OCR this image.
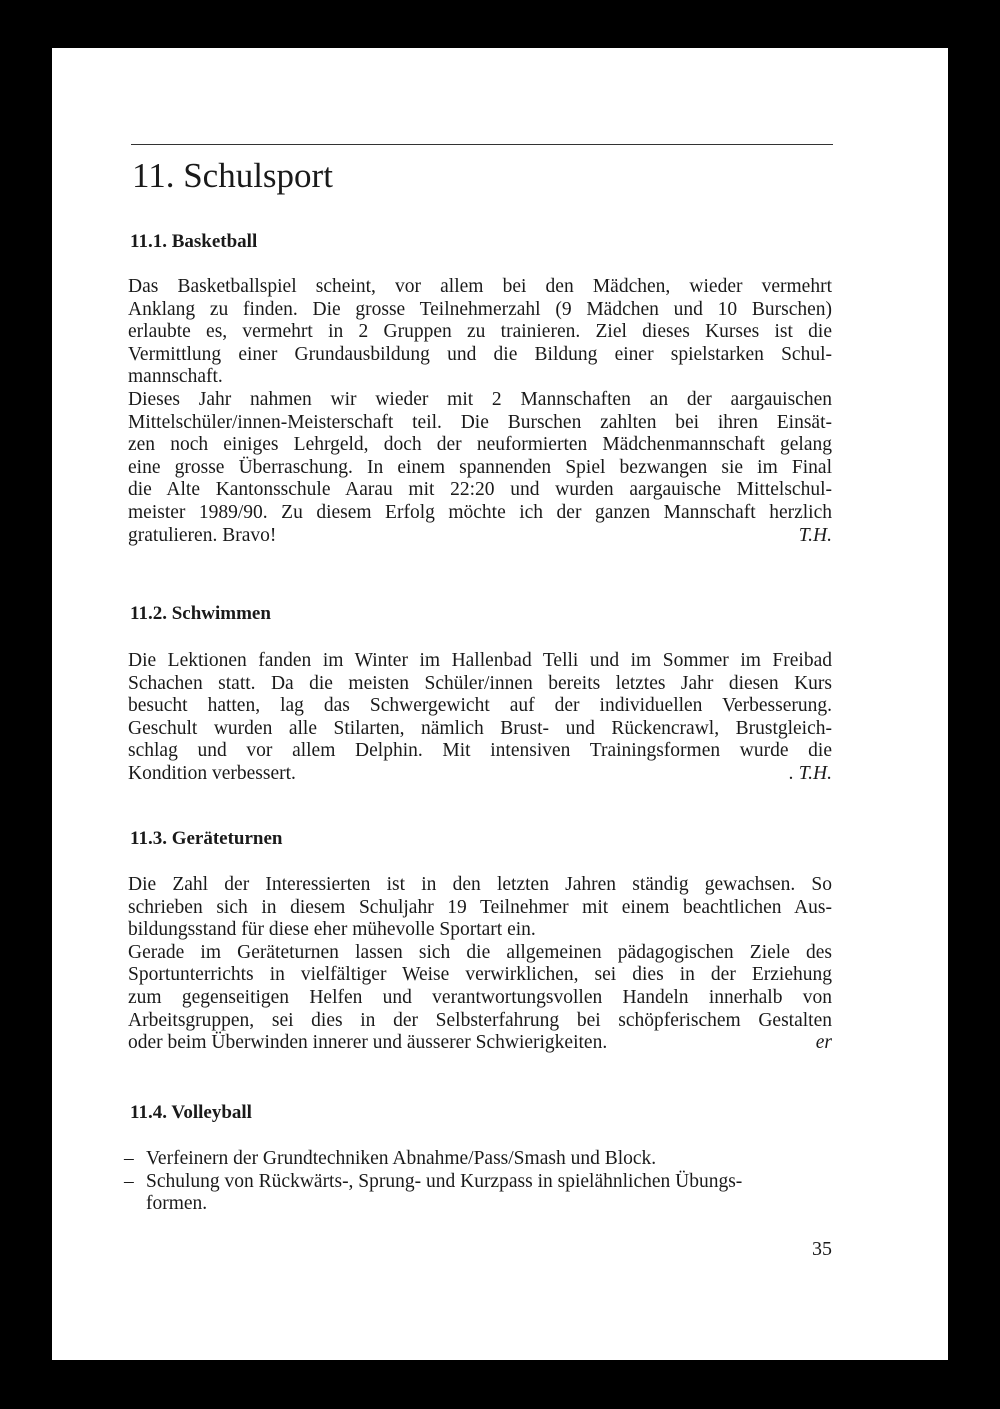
11. Schulsport
11.1. Basketball
Das Basketballspiel scheint, vor allem bei den Mädchen, wieder vermehrt
Anklang zu finden. Die grosse Teilnehmerzahl (9 Mädchen und 10 Burschen)
erlaubte es, vermehrt in 2 Gruppen zu trainieren. Ziel dieses Kurses ist die
Vermittlung einer Grundausbildung und die Bildung einer spielstarken Schul-
mannschaft.
Dieses Jahr nahmen wir wieder mit 2 Mannschaften an der aargauischen
Mittelschüler/innen-Meisterschaft teil. Die Burschen zahlten bei ihren Einsät-
zen noch einiges Lehrgeld, doch der neuformierten Mädchenmannschaft gelang
eine grosse Überraschung. In einem spannenden Spiel bezwangen sie im Final
die Alte Kantonsschule Aarau mit 22:20 und wurden aargauische Mittelschul-
meister 1989/90. Zu diesem Erfolg möchte ich der ganzen Mannschaft herzlich
gratulieren. Bravo!	T.H.
11.2. Schwimmen
Die Lektionen fanden im Winter im Hallenbad Telli und im Sommer im Freibad
Schachen statt. Da die meisten Schüler/innen bereits letztes Jahr diesen Kurs
besucht hatten, lag das Schwergewicht auf der individuellen Verbesserung.
Geschult wurden alle Stilarten, nämlich Brust- und Rückencrawl, Brustgleich-
schlag und vor allem Delphin. Mit intensiven Trainingsformen wurde die
Kondition verbessert.	. T.H.
11.3. Geräteturnen
Die Zahl der Interessierten ist in den letzten Jahren ständig gewachsen. So
schrieben sich in diesem Schuljahr 19 Teilnehmer mit einem beachtlichen Aus-
bildungsstand für diese eher mühevolle Sportart ein.
Gerade im Geräteturnen lassen sich die allgemeinen pädagogischen Ziele des
Sportunterrichts in vielfältiger Weise verwirklichen, sei dies in der Erziehung
zum gegenseitigen Helfen und verantwortungsvollen Handeln innerhalb von
Arbeitsgruppen, sei dies in der Selbsterfahrung bei schöpferischem Gestalten
oder beim Überwinden innerer und äusserer Schwierigkeiten.	er
11.4. Volleyball
– Verfeinern der Grundtechniken Abnahme/Pass/Smash und Block.
– Schulung von Rückwärts-, Sprung- und Kurzpass in spielähnlichen Übungs-
formen.
35
